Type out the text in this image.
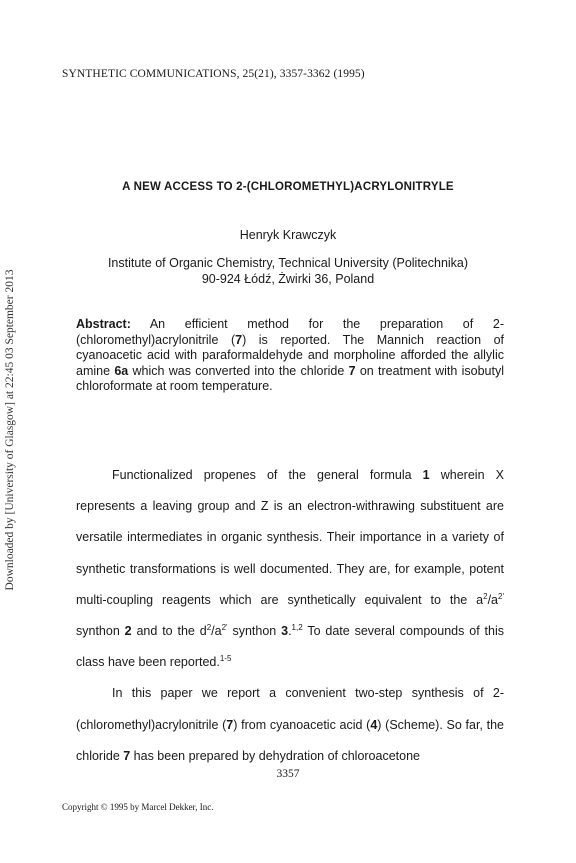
SYNTHETIC COMMUNICATIONS, 25(21), 3357-3362 (1995)
Downloaded by [University of Glasgow] at 22:45 03 September 2013
A NEW ACCESS TO 2-(CHLOROMETHYL)ACRYLONITRYLE
Henryk Krawczyk
Institute of Organic Chemistry, Technical University (Politechnika)
90-924 Łódź, Żwirki 36, Poland
Abstract: An efficient method for the preparation of 2-(chloromethyl)acrylonitrile (7) is reported. The Mannich reaction of cyanoacetic acid with paraformaldehyde and morpholine afforded the allylic amine 6a which was converted into the chloride 7 on treatment with isobutyl chloroformate at room temperature.

Functionalized propenes of the general formula 1 wherein X represents a leaving group and Z is an electron-withrawing substituent are versatile intermediates in organic synthesis. Their importance in a variety of synthetic transformations is well documented. They are, for example, potent multi-coupling reagents which are synthetically equivalent to the $a^2/a^{2'}$ synthon 2 and to the $d^2/a^{2'}$ synthon 3.$^{1,2}$ To date several compounds of this class have been reported.$^{1-5}$

In this paper we report a convenient two-step synthesis of 2-(chloromethyl)acrylonitrile (7) from cyanoacetic acid (4) (Scheme). So far, the chloride 7 has been prepared by dehydration of chloroacetone

3357
Copyright © 1995 by Marcel Dekker, Inc.
